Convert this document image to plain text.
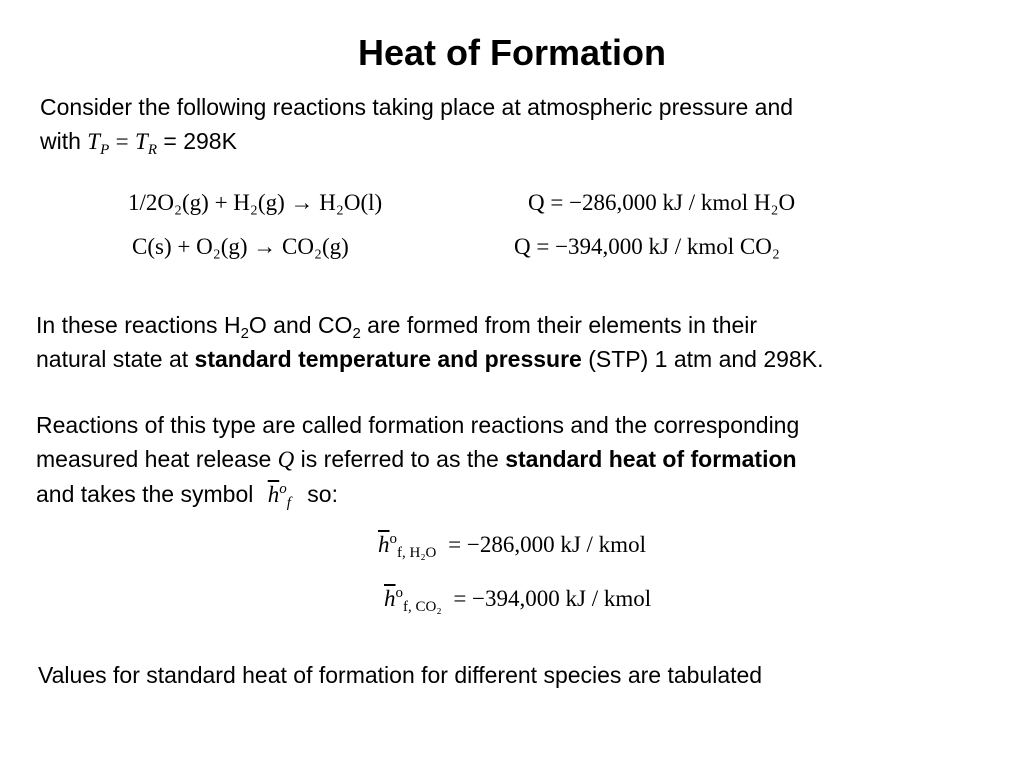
Heat of Formation

Consider the following reactions taking place at atmospheric pressure and
with $T_P = T_R = 298K$

1/2O₂(g) + H₂(g) → H₂O(l)	Q = −286,000 kJ / kmol H₂O
C(s) + O₂(g) → CO₂(g)	Q = −394,000 kJ / kmol CO₂

In these reactions $H_2O$ and $CO_2$ are formed from their elements in their
natural state at standard temperature and pressure (STP) 1 atm and 298K.

Reactions of this type are called formation reactions and the corresponding
measured heat release Q is referred to as the standard heat of formation
and takes the symbol $\overline{h}^o_f$ so:

$\overline{h}^o_{f, H_2O} = -286,000$ kJ / kmol
$\overline{h}^o_{f, CO_2} = -394,000$ kJ / kmol

Values for standard heat of formation for different species are tabulated
